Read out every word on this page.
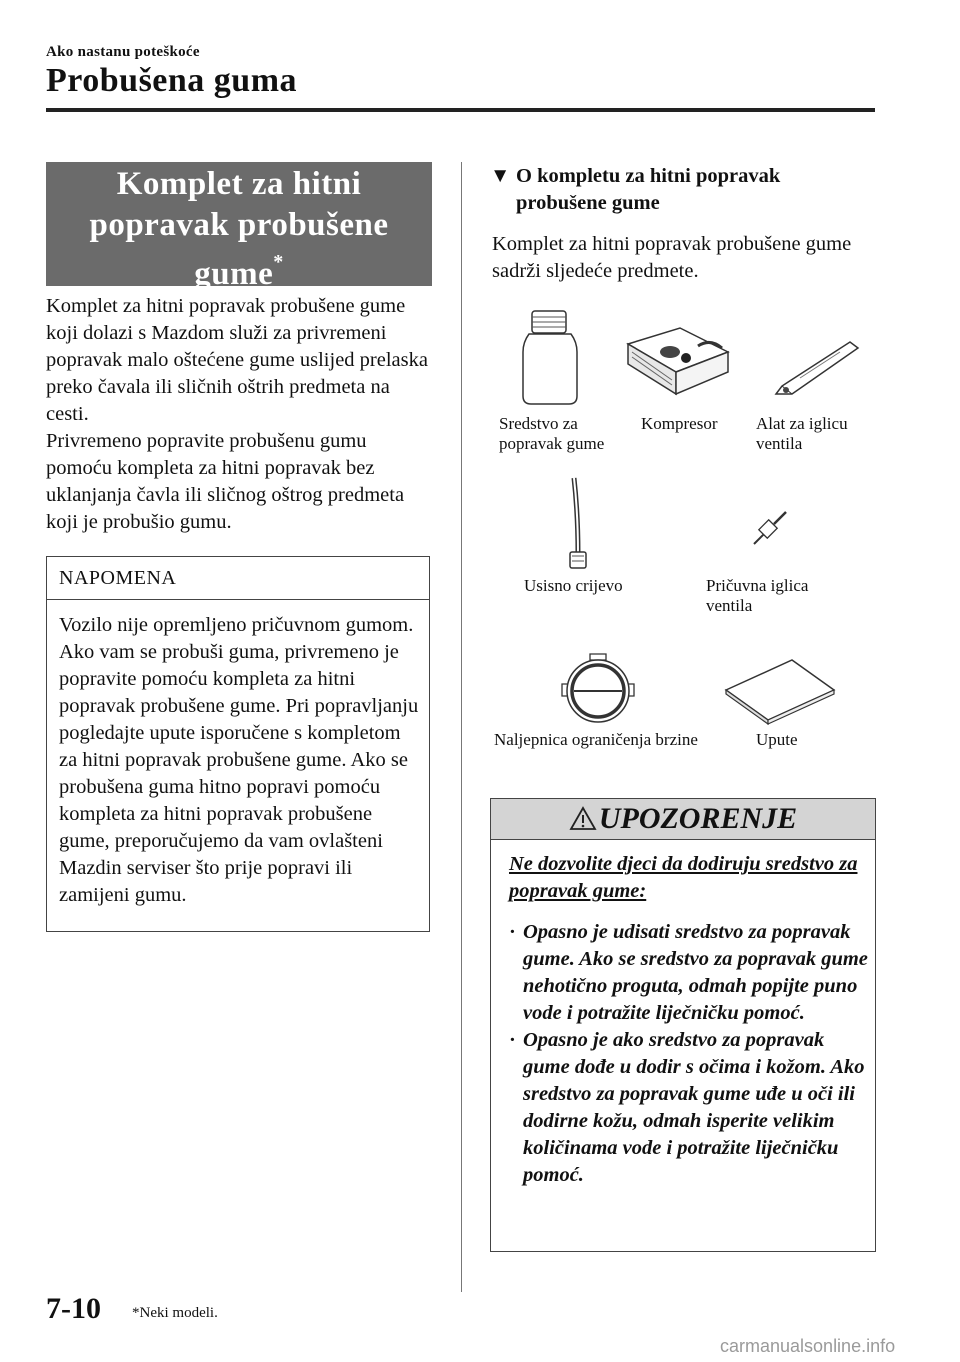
Ako nastanu poteškoće
Probušena guma
Komplet za hitni
popravak probušene
gume*

Komplet za hitni popravak probušene gume koji dolazi s Mazdom služi za privremeni popravak malo oštećene gume uslijed prelaska preko čavala ili sličnih oštrih predmeta na cesti.

Privremeno popravite probušenu gumu pomoću kompleta za hitni popravak bez uklanjanja čavla ili sličnog oštrog predmeta koji je probušio gumu.

NAPOMENA
Vozilo nije opremljeno pričuvnom gumom. Ako vam se probuši guma, privremeno je popravite pomoću kompleta za hitni popravak probušene gume. Pri popravljanju pogledajte upute isporučene s kompletom za hitni popravak probušene gume. Ako se probušena guma hitno popravi pomoću kompleta za hitni popravak probušene gume, preporučujemo da vam ovlašteni Mazdin serviser što prije popravi ili zamijeni gumu.
▼ O kompletu za hitni popravak probušene gume
Komplet za hitni popravak probušene gume sadrži sljedeće predmete.
Sredstvo za popravak gume
Kompresor	Alat za iglicu ventila
Usisno crijevo	Pričuvna iglica ventila
Naljepnica ograničenja brzine	Upute
UPOZORENJE
Ne dozvolite djeci da dodiruju sredstvo za popravak gume:
· Opasno je udisati sredstvo za popravak gume. Ako se sredstvo za popravak gume nehotično proguta, odmah popijte puno vode i potražite liječničku pomoć.
· Opasno je ako sredstvo za popravak gume dođe u dodir s očima i kožom. Ako sredstvo za popravak gume uđe u oči ili dodirne kožu, odmah isperite velikim količinama vode i potražite liječničku pomoć.
7-10 *Neki modeli.
carmanualsonline.info
